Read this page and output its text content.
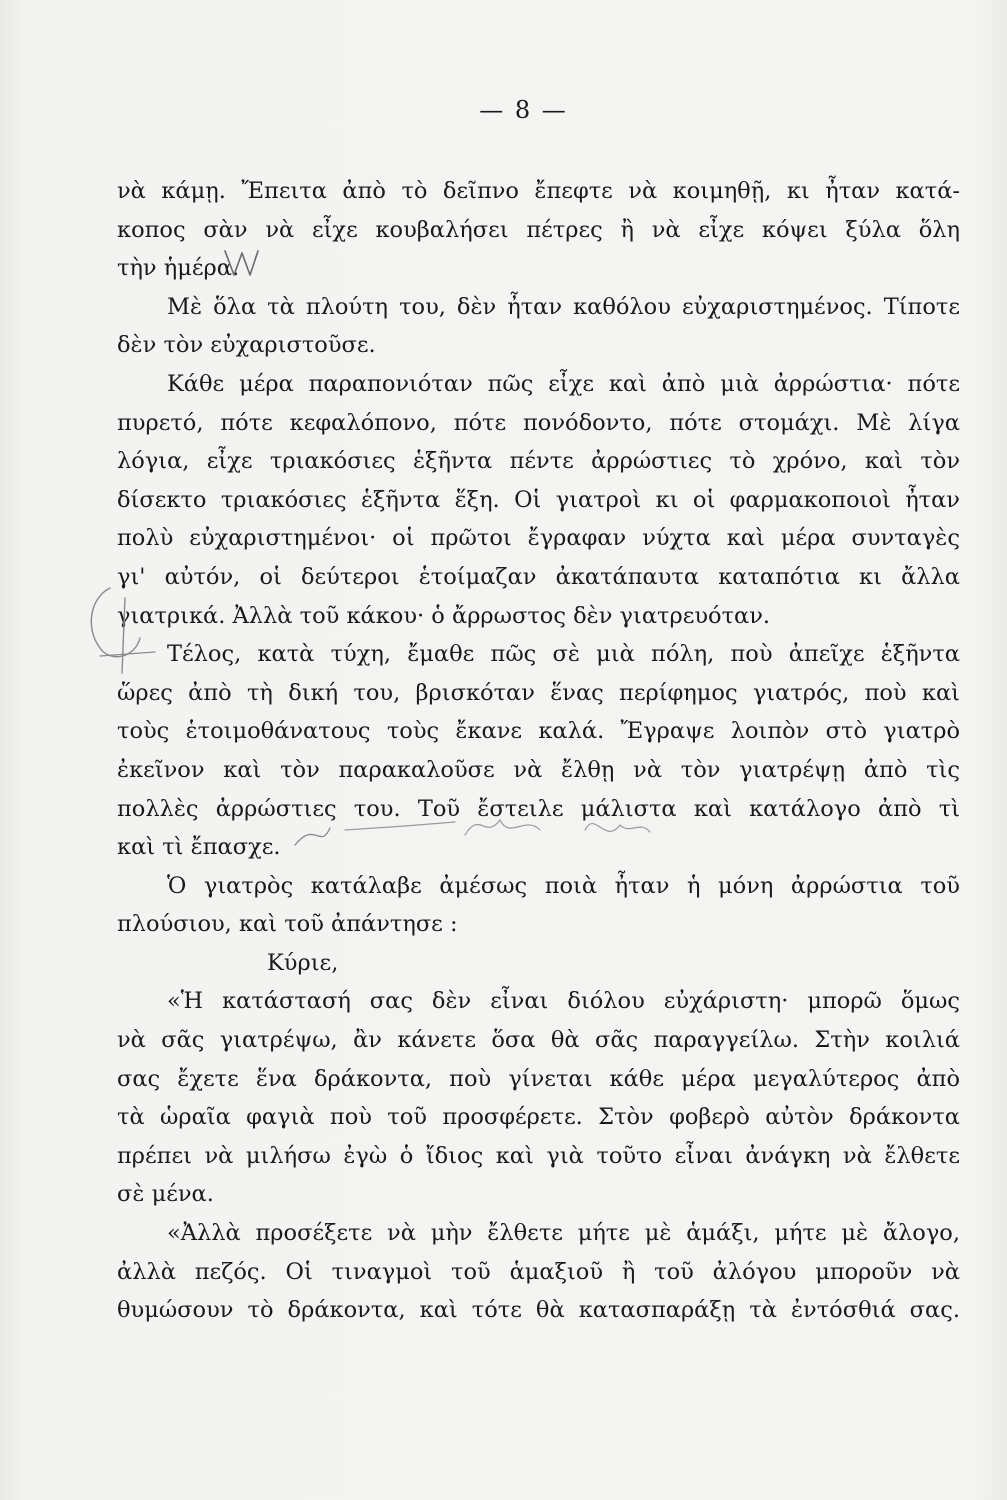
— 8 —
νὰ κάμῃ. Ἔπειτα ἀπὸ τὸ δεῖπνο ἔπεφτε νὰ κοιμηθῇ, κι ἦταν κατά-
κοπος σὰν νὰ εἶχε κουβαλήσει πέτρες ἢ νὰ εἶχε κόψει ξύλα ὅλη
τὴν ἡμέρα.
Μὲ ὅλα τὰ πλούτη του, δὲν ἦταν καθόλου εὐχαριστημένος. Τίποτε
δὲν τὸν εὐχαριστοῦσε.
Κάθε μέρα παραπονιόταν πῶς εἶχε καὶ ἀπὸ μιὰ ἀρρώστια· πότε
πυρετό, πότε κεφαλόπονο, πότε πονόδοντο, πότε στομάχι. Μὲ λίγα
λόγια, εἶχε τριακόσιες ἑξῆντα πέντε ἀρρώστιες τὸ χρόνο, καὶ τὸν
δίσεκτο τριακόσιες ἑξῆντα ἕξη. Οἱ γιατροὶ κι οἱ φαρμακοποιοὶ ἦταν
πολὺ εὐχαριστημένοι· οἱ πρῶτοι ἔγραφαν νύχτα καὶ μέρα συνταγὲς
γι' αὐτόν, οἱ δεύτεροι ἑτοίμαζαν ἀκατάπαυτα καταπότια κι ἄλλα
γιατρικά. Ἀλλὰ τοῦ κάκου· ὁ ἄρρωστος δὲν γιατρευόταν.
Τέλος, κατὰ τύχη, ἔμαθε πῶς σὲ μιὰ πόλη, ποὺ ἀπεῖχε ἑξῆντα
ὥρες ἀπὸ τὴ δική του, βρισκόταν ἕνας περίφημος γιατρός, ποὺ καὶ
τοὺς ἑτοιμοθάνατους τοὺς ἔκανε καλά. Ἔγραψε λοιπὸν στὸ γιατρὸ
ἐκεῖνον καὶ τὸν παρακαλοῦσε νὰ ἔλθῃ νὰ τὸν γιατρέψῃ ἀπὸ τὶς
πολλὲς ἀρρώστιες του. Τοῦ ἔστειλε μάλιστα καὶ κατάλογο ἀπὸ τὶ
καὶ τὶ ἔπασχε.
Ὁ γιατρὸς κατάλαβε ἀμέσως ποιὰ ἦταν ἡ μόνη ἀρρώστια τοῦ
πλούσιου, καὶ τοῦ ἀπάντησε :
Κύριε,
«Ἡ κατάστασή σας δὲν εἶναι διόλου εὐχάριστη· μπορῶ ὅμως
νὰ σᾶς γιατρέψω, ἂν κάνετε ὅσα θὰ σᾶς παραγγείλω. Στὴν κοιλιά
σας ἔχετε ἕνα δράκοντα, ποὺ γίνεται κάθε μέρα μεγαλύτερος ἀπὸ
τὰ ὡραῖα φαγιὰ ποὺ τοῦ προσφέρετε. Στὸν φοβερὸ αὐτὸν δράκοντα
πρέπει νὰ μιλήσω ἐγὼ ὁ ἴδιος καὶ γιὰ τοῦτο εἶναι ἀνάγκη νὰ ἔλθετε
σὲ μένα.
«Ἀλλὰ προσέξετε νὰ μὴν ἔλθετε μήτε μὲ ἁμάξι, μήτε μὲ ἄλογο,
ἀλλὰ πεζός. Οἱ τιναγμοὶ τοῦ ἁμαξιοῦ ἢ τοῦ ἀλόγου μποροῦν νὰ
θυμώσουν τὸ δράκοντα, καὶ τότε θὰ κατασπαράξῃ τὰ ἐντόσθιά σας.
